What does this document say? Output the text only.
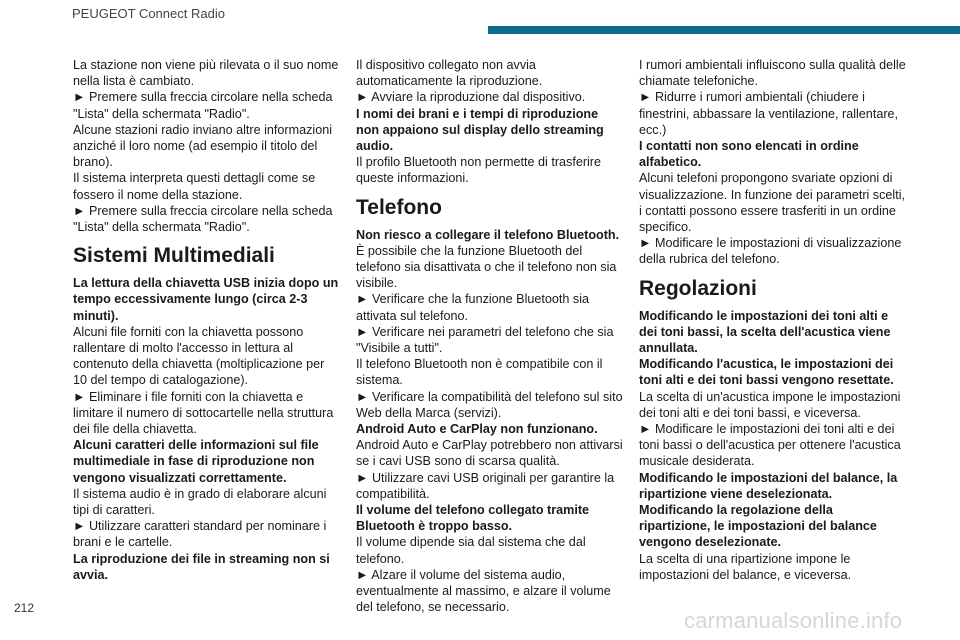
PEUGEOT Connect Radio

La stazione non viene più rilevata o il suo nome nella lista è cambiato.

► Premere sulla freccia circolare nella scheda "Lista" della schermata "Radio".

Alcune stazioni radio inviano altre informazioni anziché il loro nome (ad esempio il titolo del brano).

Il sistema interpreta questi dettagli come se fossero il nome della stazione.

► Premere sulla freccia circolare nella scheda "Lista" della schermata "Radio".

Sistemi Multimediali

La lettura della chiavetta USB inizia dopo un tempo eccessivamente lungo (circa 2-3 minuti).

Alcuni file forniti con la chiavetta possono rallentare di molto l'accesso in lettura al contenuto della chiavetta (moltiplicazione per 10 del tempo di catalogazione).

► Eliminare i file forniti con la chiavetta e limitare il numero di sottocartelle nella struttura dei file della chiavetta.

Alcuni caratteri delle informazioni sul file multimediale in fase di riproduzione non vengono visualizzati correttamente.

Il sistema audio è in grado di elaborare alcuni tipi di caratteri.

► Utilizzare caratteri standard per nominare i brani e le cartelle.

La riproduzione dei file in streaming non si avvia.

Il dispositivo collegato non avvia automaticamente la riproduzione.

► Avviare la riproduzione dal dispositivo.

I nomi dei brani e i tempi di riproduzione non appaiono sul display dello streaming audio.

Il profilo Bluetooth non permette di trasferire queste informazioni.

Telefono

Non riesco a collegare il telefono Bluetooth.

È possibile che la funzione Bluetooth del telefono sia disattivata o che il telefono non sia visibile.

► Verificare che la funzione Bluetooth sia attivata sul telefono.

► Verificare nei parametri del telefono che sia "Visibile a tutti".

Il telefono Bluetooth non è compatibile con il sistema.

► Verificare la compatibilità del telefono sul sito Web della Marca (servizi).

Android Auto e CarPlay non funzionano.

Android Auto e CarPlay potrebbero non attivarsi se i cavi USB sono di scarsa qualità.

► Utilizzare cavi USB originali per garantire la compatibilità.

Il volume del telefono collegato tramite Bluetooth è troppo basso.

Il volume dipende sia dal sistema che dal telefono.

► Alzare il volume del sistema audio, eventualmente al massimo, e alzare il volume del telefono, se necessario.

I rumori ambientali influiscono sulla qualità delle chiamate telefoniche.

► Ridurre i rumori ambientali (chiudere i finestrini, abbassare la ventilazione, rallentare, ecc.)

I contatti non sono elencati in ordine alfabetico.

Alcuni telefoni propongono svariate opzioni di visualizzazione. In funzione dei parametri scelti, i contatti possono essere trasferiti in un ordine specifico.

► Modificare le impostazioni di visualizzazione della rubrica del telefono.

Regolazioni

Modificando le impostazioni dei toni alti e dei toni bassi, la scelta dell'acustica viene annullata.

Modificando l'acustica, le impostazioni dei toni alti e dei toni bassi vengono resettate.

La scelta di un'acustica impone le impostazioni dei toni alti e dei toni bassi, e viceversa.

► Modificare le impostazioni dei toni alti e dei toni bassi o dell'acustica per ottenere l'acustica musicale desiderata.

Modificando le impostazioni del balance, la ripartizione viene deselezionata.

Modificando la regolazione della ripartizione, le impostazioni del balance vengono deselezionate.

La scelta di una ripartizione impone le impostazioni del balance, e viceversa.

212	carmanualsonline.info
